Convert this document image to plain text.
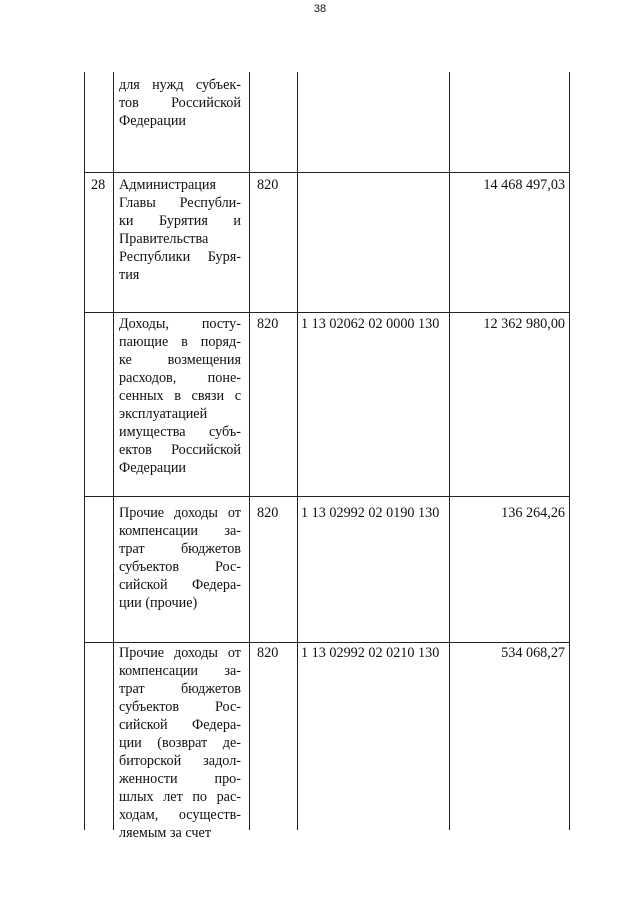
38
для нужд субъек-
тов Российской
Федерации
28 Администрация
Главы Республи-
ки Бурятия и
Правительства
Республики Буря-
тия
820	14 468 497,03
Доходы, посту-
пающие в поряд-
ке возмещения
расходов, поне-
сенных в связи с
эксплуатацией
имущества субъ-
ектов Российской
Федерации
820 1 13 02062 02 0000 130	12 362 980,00
Прочие доходы от
компенсации за-
трат бюджетов
субъектов Рос-
сийской Федера-
ции (прочие)
820 1 13 02992 02 0190 130	136 264,26
Прочие доходы от
компенсации за-
трат бюджетов
субъектов Рос-
сийской Федера-
ции (возврат де-
биторской задол-
женности про-
шлых лет по рас-
ходам, осуществ-
ляемым за счет
820 1 13 02992 02 0210 130	534 068,27
